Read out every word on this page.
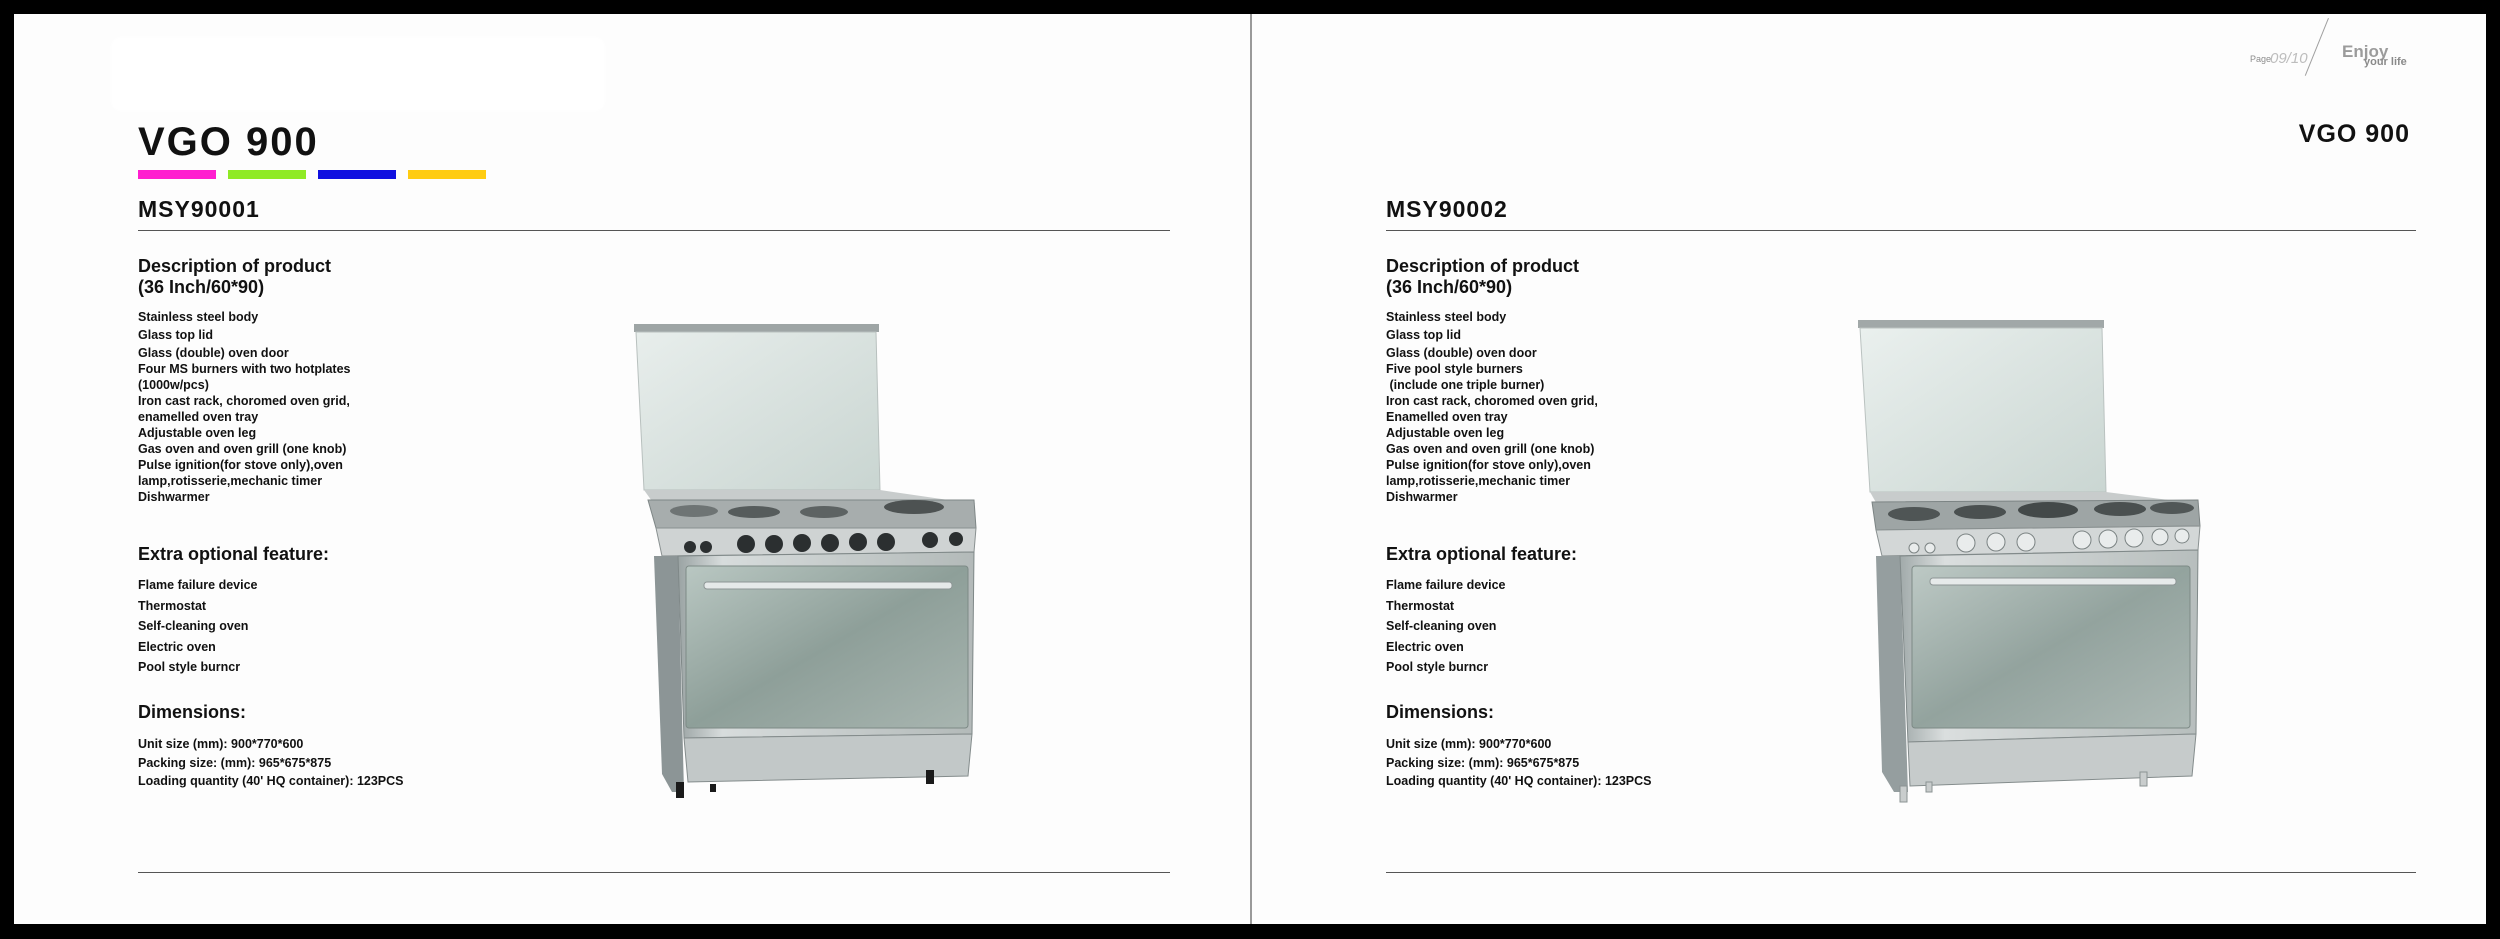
VGO 900
MSY90001
Description of product
(36 Inch/60*90)
Stainless steel body
Glass top lid
Glass (double) oven door
Four MS burners with two hotplates
(1000w/pcs)
Iron cast rack, choromed oven grid,
enamelled oven tray
Adjustable oven leg
Gas oven and oven grill (one knob)
Pulse ignition(for stove only),oven
lamp,rotisserie,mechanic timer
Dishwarmer
Extra optional feature:
Flame failure device
Thermostat
Self-cleaning oven
Electric oven
Pool style burncr
Dimensions:
Unit size (mm): 900*770*600
Packing size: (mm): 965*675*875
Loading quantity (40' HQ container): 123PCS
Page
09/10 Enjoy
your life
VGO 900
MSY90002
Description of product
(36 Inch/60*90)
Stainless steel body
Glass top lid
Glass (double) oven door
Five pool style burners
(include one triple burner)
Iron cast rack, choromed oven grid,
Enamelled oven tray
Adjustable oven leg
Gas oven and oven grill (one knob)
Pulse ignition(for stove only),oven
lamp,rotisserie,mechanic timer
Dishwarmer
Extra optional feature:
Flame failure device
Thermostat
Self-cleaning oven
Electric oven
Pool style burncr
Dimensions:
Unit size (mm): 900*770*600
Packing size: (mm): 965*675*875
Loading quantity (40' HQ container): 123PCS
